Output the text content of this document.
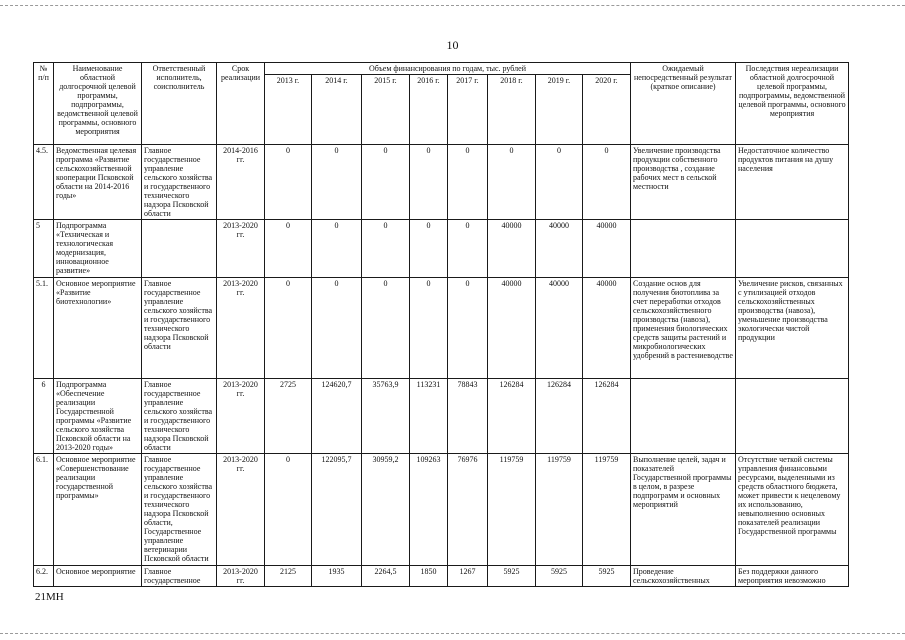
10
№ п/п	Наименование областной долгосрочной целевой программы, подпрограммы, ведомственной целевой программы, основного мероприятия	Ответственный исполнитель, соисполнитель	Срок реализации	Объем финансирования по годам, тыс. рублей								Ожидаемый непосредственный результат (краткое описание)	Последствия нереализации областной долгосрочной целевой программы, подпрограммы, ведомственной целевой программы, основного мероприятия
				2013 г.	2014 г.	2015 г.	2016 г.	2017 г.	2018 г.	2019 г.	2020 г.		
4.5.	Ведомственная целевая программа «Развитие сельскохозяйственной кооперации Псковской области на 2014-2016 годы»	Главное государственное управление сельского хозяйства и государственного технического надзора Псковской области	2014-2016 гг.	0	0	0	0	0	0	0	0	Увеличение производства продукции собственного производства , создание рабочих мест в сельской местности	Недостаточное количество продуктов питания на душу населения
5	Подпрограмма «Техническая и технологическая модернизация, инновационное развитие»		2013-2020 гг.	0	0	0	0	0	40000	40000	40000		
5.1.	Основное мероприятие «Развитие биотехнологии»	Главное государственное управление сельского хозяйства и государственного технического надзора Псковской области	2013-2020 гг.	0	0	0	0	0	40000	40000	40000	Создание основ для получения биотоплива за счет переработки отходов сельскохозяйственного производства (навоза), применения биологических средств защиты растений и микробиологических удобрений в растениеводстве	Увеличение рисков, связанных с утилизацией отходов сельскохозяйственных производства (навоза), уменьшение производства экологически чистой продукции
6	Подпрограмма «Обеспечение реализации Государственной программы «Развитие сельского хозяйства Псковской области на 2013-2020 годы»	Главное государственное управление сельского хозяйства и государственного технического надзора Псковской области	2013-2020 гг.	2725	124620,7	35763,9	113231	78843	126284	126284	126284		
6.1.	Основное мероприятие «Совершенствование реализации государственной программы»	Главное государственное управление сельского хозяйства и государственного технического надзора Псковской области, Государственное управление ветеринарии Псковской области	2013-2020 гг.	0	122095,7	30959,2	109263	76976	119759	119759	119759	Выполнение целей, задач и показателей Государственной программы в целом, в разрезе подпрограмм и основных мероприятий	Отсутствие четкой системы управления финансовыми ресурсами, выделенными из средств областного бюджета, может привести к нецелевому их использованию, невыполнению основных показателей реализации Государственной программы
6.2.	Основное мероприятие	Главное государственное	2013-2020 гг.	2125	1935	2264,5	1850	1267	5925	5925	5925	Проведение сельскохозяйственных	Без поддержки данного мероприятия невозможно
21МН
